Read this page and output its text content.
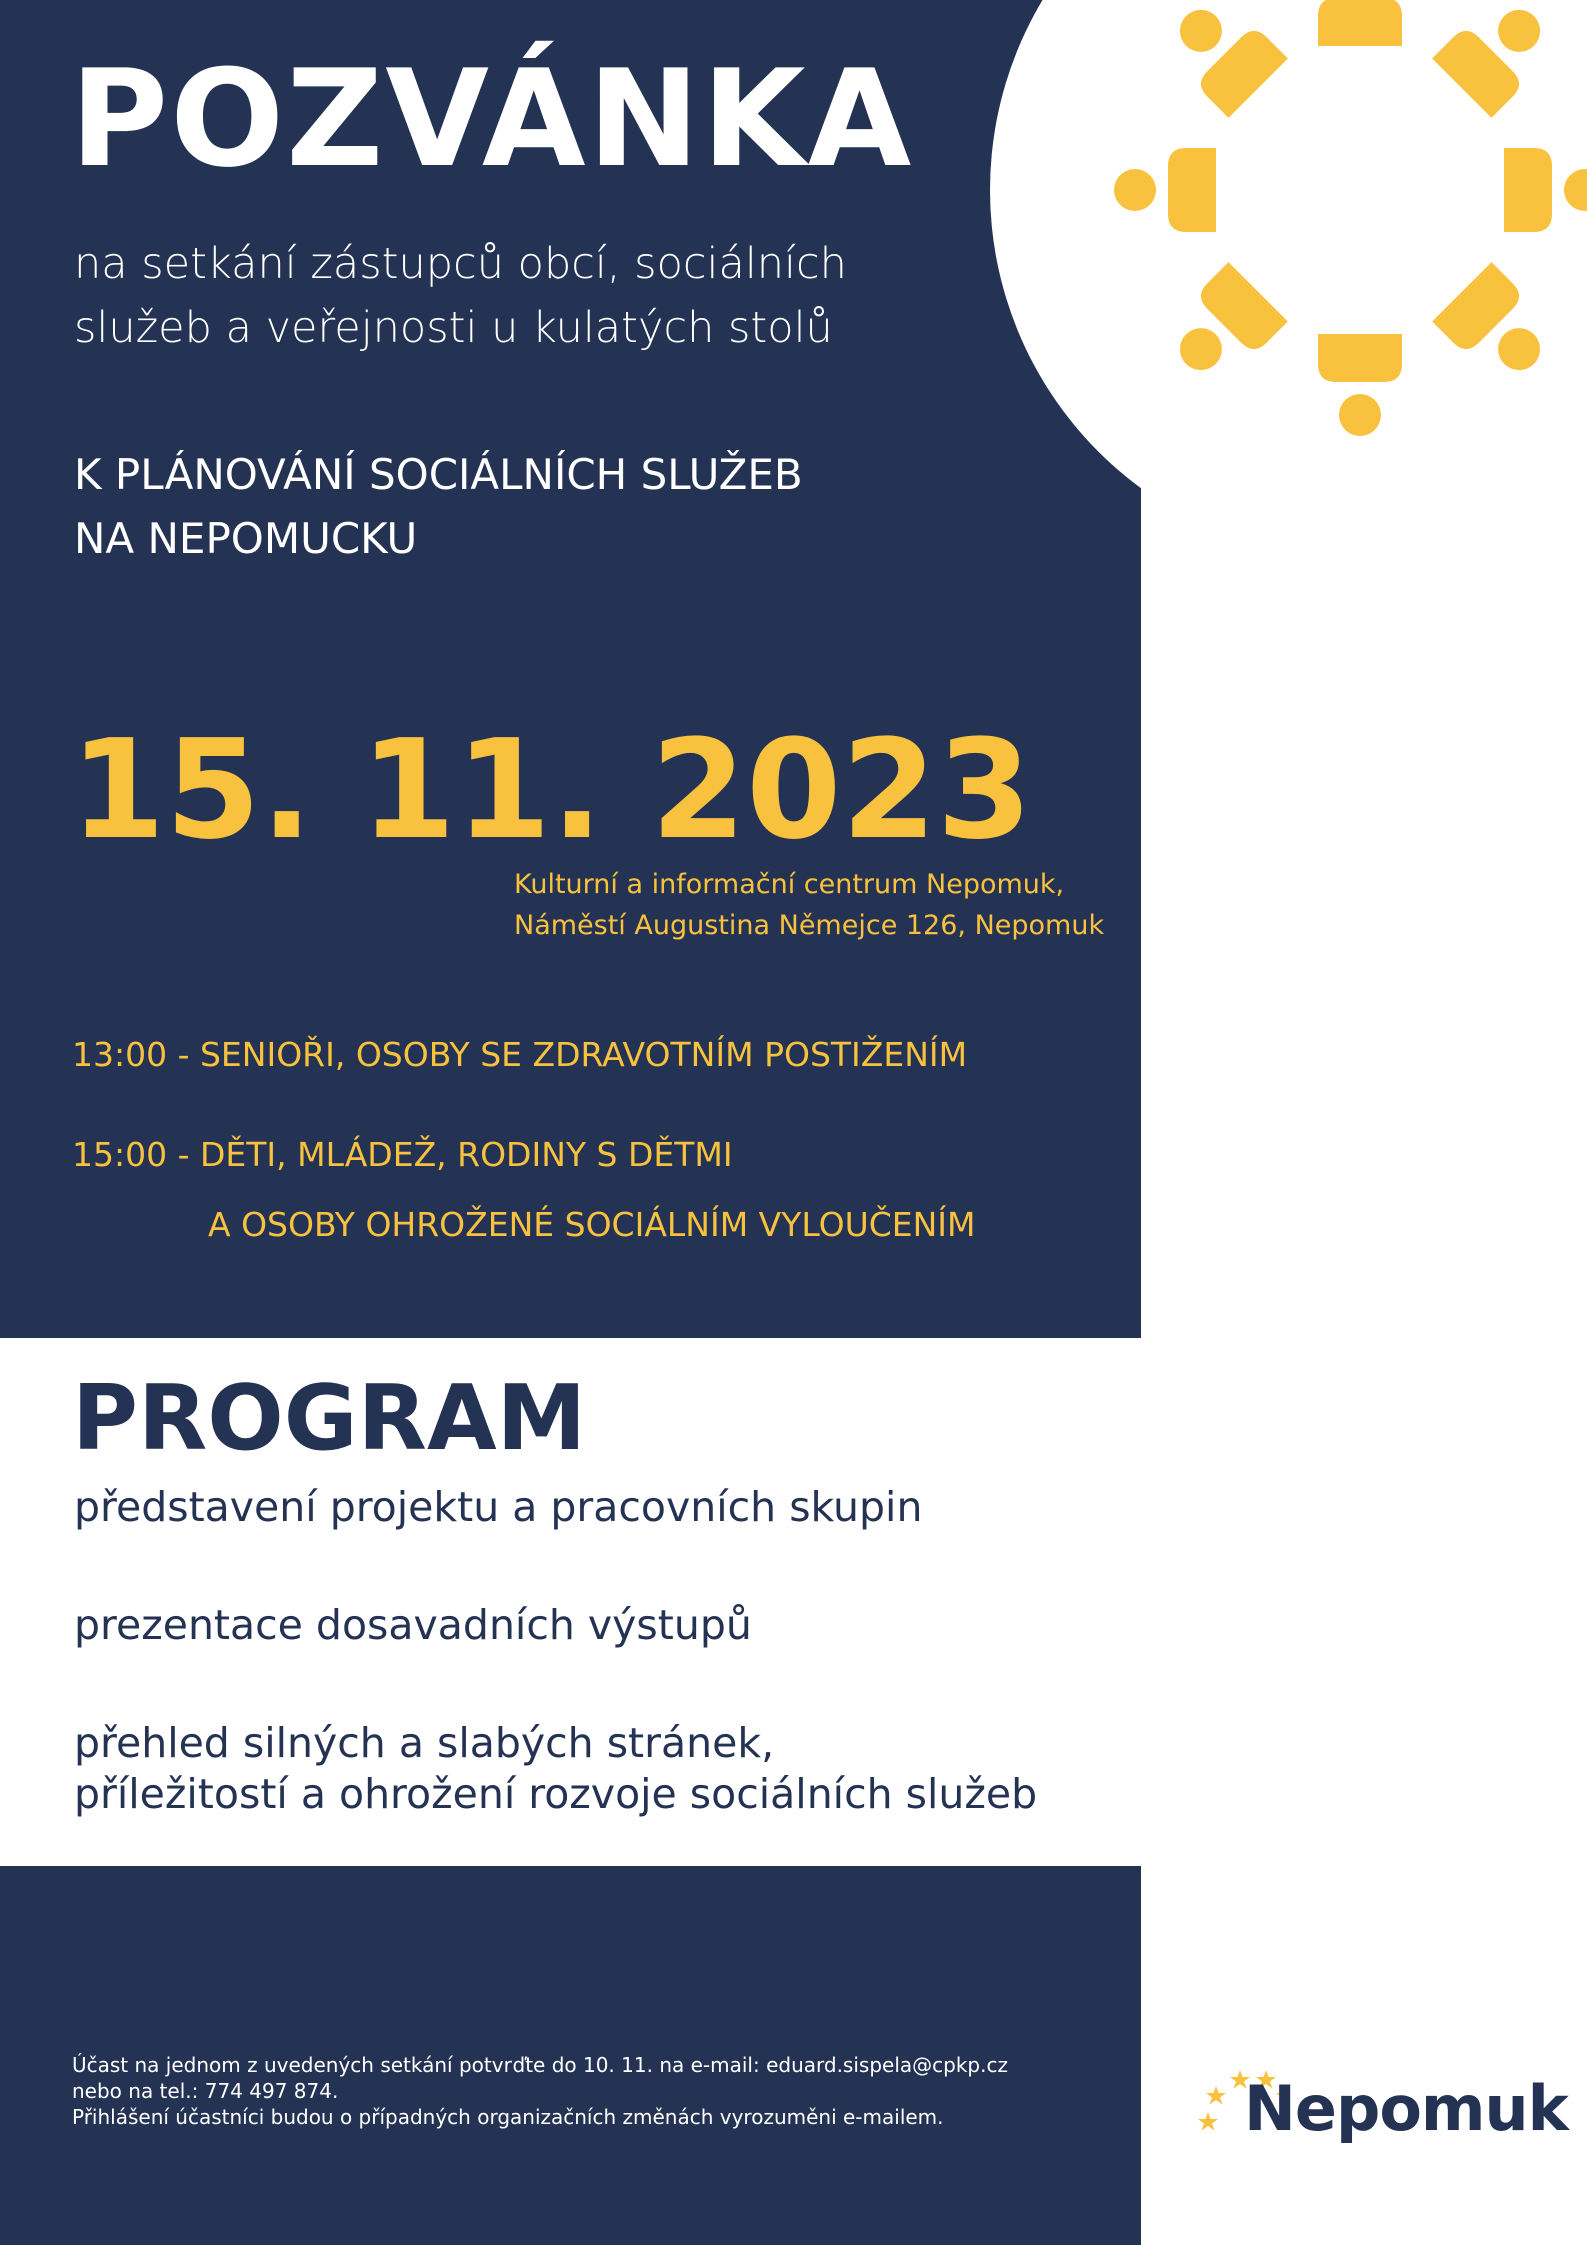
POZVÁNKA
na setkání zástupců obcí, sociálních
služeb a veřejnosti u kulatých stolů
K PLÁNOVÁNÍ SOCIÁLNÍCH SLUŽEB
NA NEPOMUCKU
15. 11. 2023
Kulturní a informační centrum Nepomuk,
Náměstí Augustina Němejce 126, Nepomuk
13:00 - SENIOŘI, OSOBY SE ZDRAVOTNÍM POSTIŽENÍM
15:00 - DĚTI, MLÁDEŽ, RODINY S DĚTMI
A OSOBY OHROŽENÉ SOCIÁLNÍM VYLOUČENÍM
PROGRAM
představení projektu a pracovních skupin
prezentace dosavadních výstupů
přehled silných a slabých stránek,
příležitostí a ohrožení rozvoje sociálních služeb
Účast na jednom z uvedených setkání potvrďte do 10. 11. na e-mail: eduard.sispela@cpkp.cz
nebo na tel.: 774 497 874.
Přihlášení účastníci budou o případných organizačních změnách vyrozuměni e-mailem.	Nepomuk
